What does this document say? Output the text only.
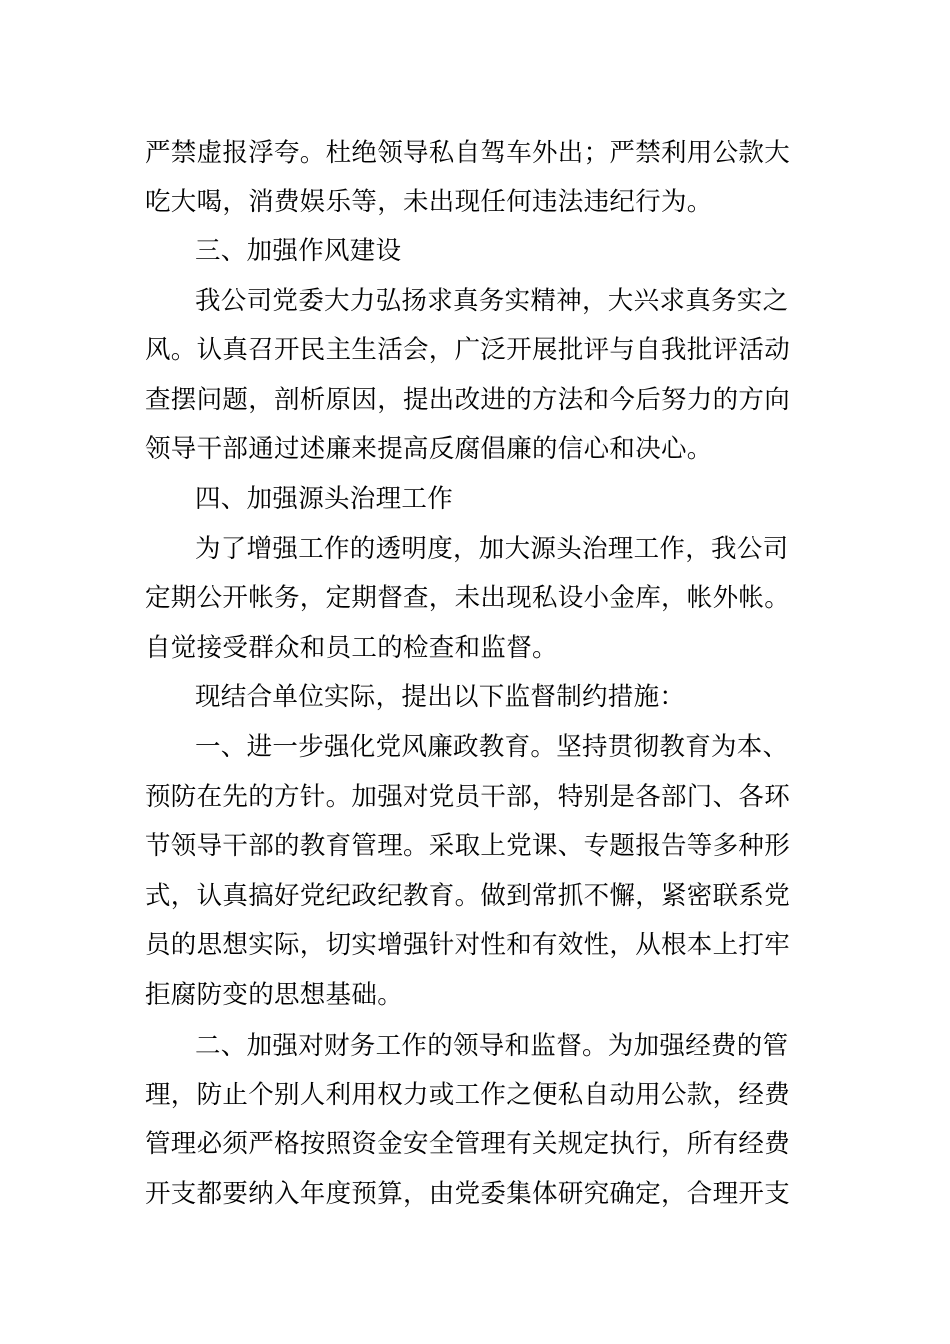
严禁虚报浮夸。杜绝领导私自驾车外出；严禁利用公款大
吃大喝，消费娱乐等，未出现任何违法违纪行为。
三、加强作风建设
我公司党委大力弘扬求真务实精神，大兴求真务实之
风。认真召开民主生活会，广泛开展批评与自我批评活动
查摆问题，剖析原因，提出改进的方法和今后努力的方向
领导干部通过述廉来提高反腐倡廉的信心和决心。
四、加强源头治理工作
为了增强工作的透明度，加大源头治理工作，我公司
定期公开帐务，定期督查，未出现私设小金库，帐外帐。
自觉接受群众和员工的检查和监督。
现结合单位实际，提出以下监督制约措施：
一、进一步强化党风廉政教育。坚持贯彻教育为本、
预防在先的方针。加强对党员干部，特别是各部门、各环
节领导干部的教育管理。采取上党课、专题报告等多种形
式，认真搞好党纪政纪教育。做到常抓不懈，紧密联系党
员的思想实际，切实增强针对性和有效性，从根本上打牢
拒腐防变的思想基础。
二、加强对财务工作的领导和监督。为加强经费的管
理，防止个别人利用权力或工作之便私自动用公款，经费
管理必须严格按照资金安全管理有关规定执行，所有经费
开支都要纳入年度预算，由党委集体研究确定，合理开支
